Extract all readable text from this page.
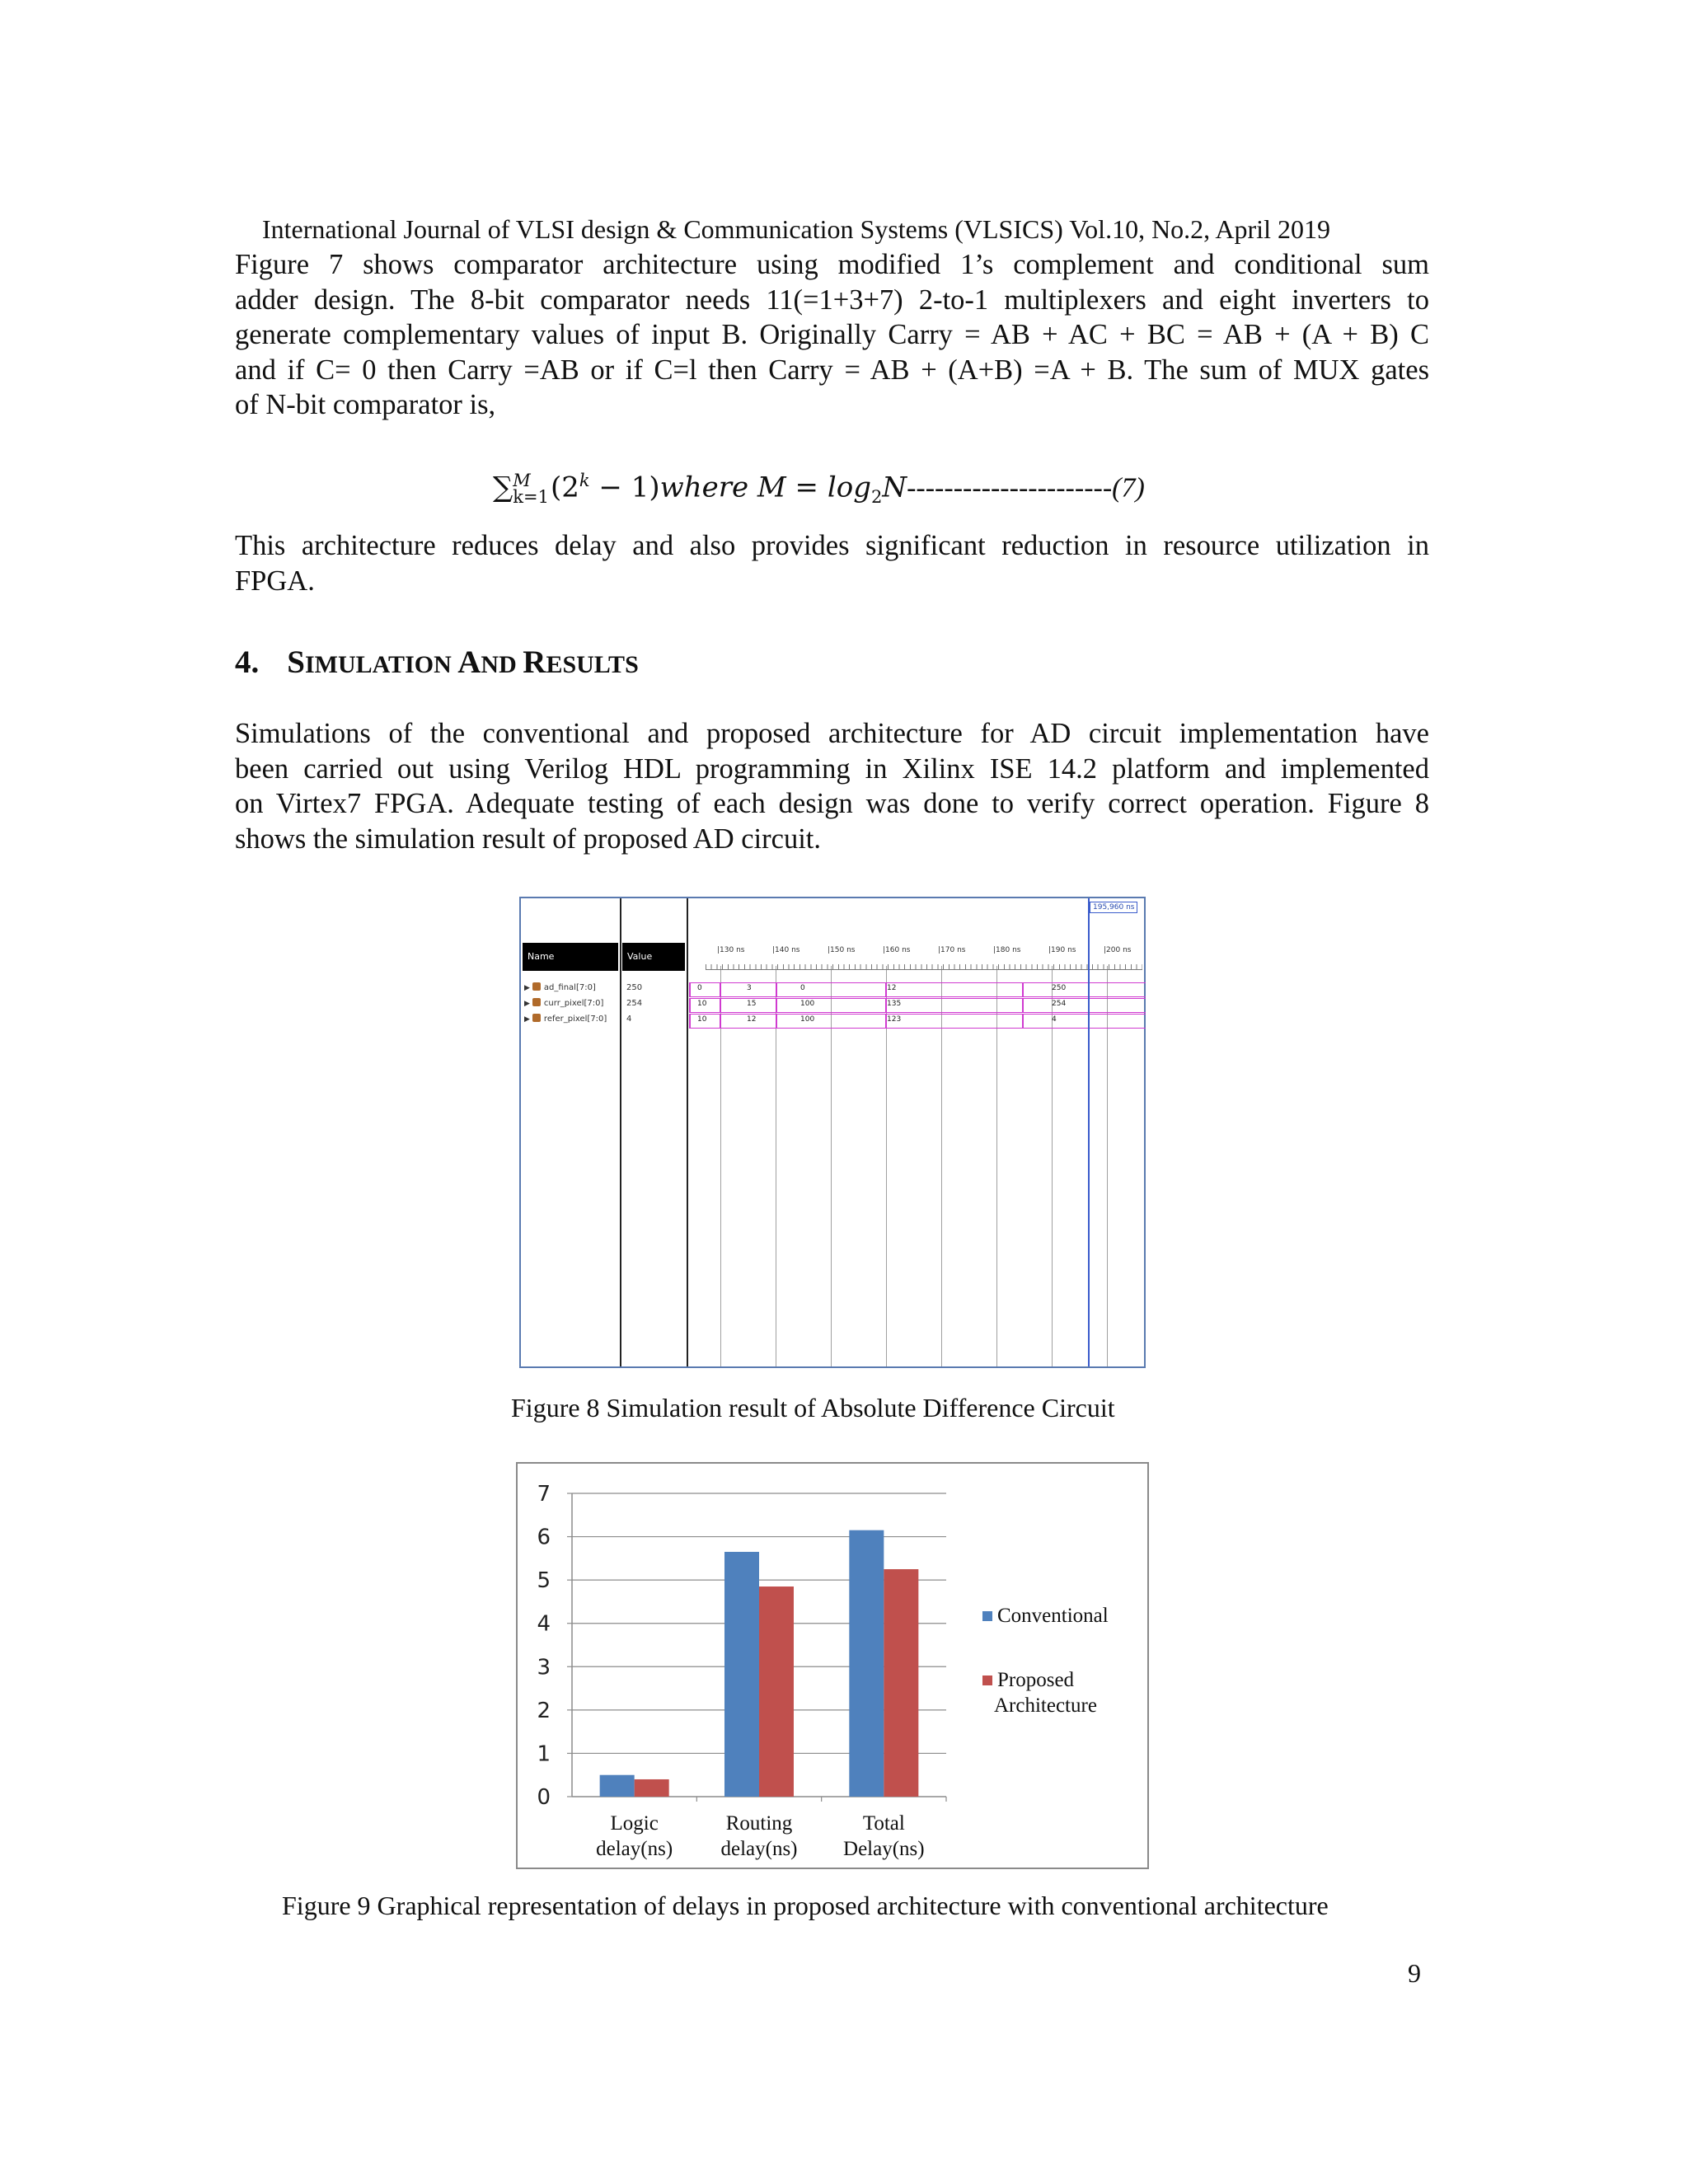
International Journal of VLSI design & Communication Systems (VLSICS) Vol.10, No.2, April 2019
Figure 7 shows comparator architecture using modified 1’s complement and conditional sum
adder design. The 8-bit comparator needs 11(=1+3+7) 2-to-1 multiplexers and eight inverters to
generate complementary values of input B. Originally Carry = AB + AC + BC = AB + (A + B) C
and if C= 0 then Carry =AB or if C=l then Carry = AB + (A+B) =A + B. The sum of MUX gates
of N-bit comparator is,
∑ M
k=1 ($2^k$ − 1)where $M = \log_2N----------------------(7)$
This architecture reduces delay and also provides significant reduction in resource utilization in
FPGA.
4. SIMULATION AND RESULTS
Simulations of the conventional and proposed architecture for AD circuit implementation have
been carried out using Verilog HDL programming in Xilinx ISE 14.2 platform and implemented
on Virtex7 FPGA. Adequate testing of each design was done to verify correct operation. Figure 8
shows the simulation result of proposed AD circuit.
Name	Value
▶ ad_final[7:0]	250
▶ curr_pixel[7:0]	254
▶ refer_pixel[7:0] 4
|130 ns	|140 ns	|150 ns	|160 ns	|170 ns	|180 ns	|190 ns	|200 ns
0	3	0	12	250
10	15	100	135	254
10	12	100	123	4
195,960 ns
Figure 8 Simulation result of Absolute Difference Circuit
0
1
2
3
4
5
6
7
Logic
delay(ns)
Routing
delay(ns)
Total
Delay(ns)
Conventional
Proposed
Architecture
Figure 9 Graphical representation of delays in proposed architecture with conventional architecture
9
